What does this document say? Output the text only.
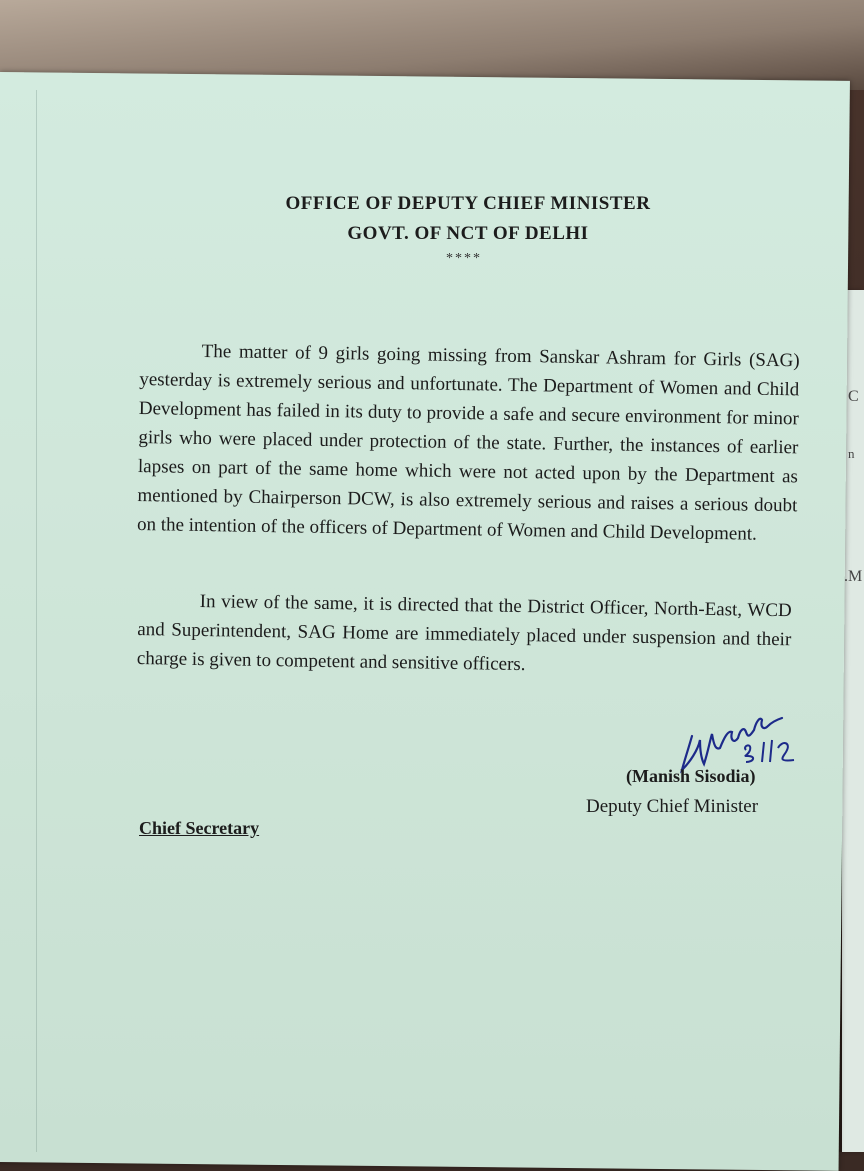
C
n
.M
OFFICE OF DEPUTY CHIEF MINISTER
GOVT. OF NCT OF DELHI
****
The matter of 9 girls going missing from Sanskar Ashram for Girls (SAG) yesterday is extremely serious and unfortunate. The Department of Women and Child Development has failed in its duty to provide a safe and secure environment for minor girls who were placed under protection of the state. Further, the instances of earlier lapses on part of the same home which were not acted upon by the Department as mentioned by Chairperson DCW, is also extremely serious and raises a serious doubt on the intention of the officers of Department of Women and Child Development.
In view of the same, it is directed that the District Officer, North-East, WCD and Superintendent, SAG Home are immediately placed under suspension and their charge is given to competent and sensitive officers.
(Manish Sisodia)
Deputy Chief Minister
Chief Secretary
